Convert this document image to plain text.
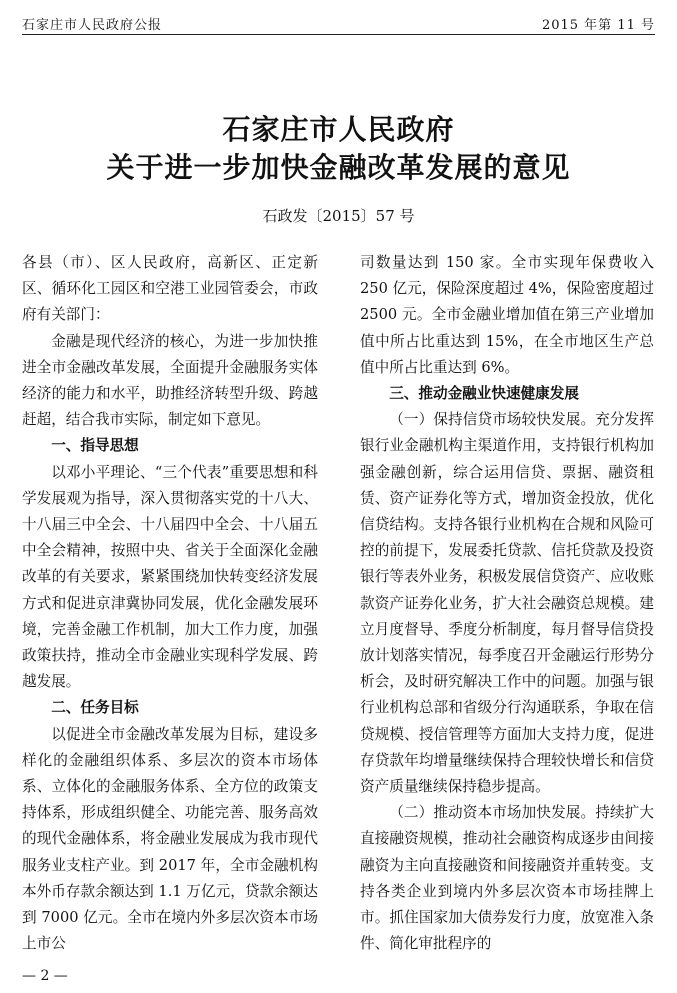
石家庄市人民政府公报	2015 年第 11 号
石家庄市人民政府
关于进一步加快金融改革发展的意见
石政发〔2015〕57 号

各县（市）、区人民政府，高新区、正定新区、循环化工园区和空港工业园管委会，市政府有关部门：

金融是现代经济的核心，为进一步加快推进全市金融改革发展，全面提升金融服务实体经济的能力和水平，助推经济转型升级、跨越赶超，结合我市实际，制定如下意见。

一、指导思想

以邓小平理论、“三个代表”重要思想和科学发展观为指导，深入贯彻落实党的十八大、十八届三中全会、十八届四中全会、十八届五中全会精神，按照中央、省关于全面深化金融改革的有关要求，紧紧围绕加快转变经济发展方式和促进京津冀协同发展，优化金融发展环境，完善金融工作机制，加大工作力度，加强政策扶持，推动全市金融业实现科学发展、跨越发展。

二、任务目标

以促进全市金融改革发展为目标，建设多样化的金融组织体系、多层次的资本市场体系、立体化的金融服务体系、全方位的政策支持体系，形成组织健全、功能完善、服务高效的现代金融体系，将金融业发展成为我市现代服务业支柱产业。到 2017 年，全市金融机构本外币存款余额达到 1.1 万亿元，贷款余额达到 7000 亿元。全市在境内外多层次资本市场上市公

司数量达到 150 家。全市实现年保费收入 250 亿元，保险深度超过 4%，保险密度超过 2500 元。全市金融业增加值在第三产业增加值中所占比重达到 15%，在全市地区生产总值中所占比重达到 6%。

三、推动金融业快速健康发展

（一）保持信贷市场较快发展。充分发挥银行业金融机构主渠道作用，支持银行机构加强金融创新，综合运用信贷、票据、融资租赁、资产证券化等方式，增加资金投放，优化信贷结构。支持各银行业机构在合规和风险可控的前提下，发展委托贷款、信托贷款及投资银行等表外业务，积极发展信贷资产、应收账款资产证券化业务，扩大社会融资总规模。建立月度督导、季度分析制度，每月督导信贷投放计划落实情况，每季度召开金融运行形势分析会，及时研究解决工作中的问题。加强与银行业机构总部和省级分行沟通联系，争取在信贷规模、授信管理等方面加大支持力度，促进存贷款年均增量继续保持合理较快增长和信贷资产质量继续保持稳步提高。

（二）推动资本市场加快发展。持续扩大直接融资规模，推动社会融资构成逐步由间接融资为主向直接融资和间接融资并重转变。支持各类企业到境内外多层次资本市场挂牌上市。抓住国家加大债券发行力度，放宽准入条件、简化审批程序的

— 2 —
